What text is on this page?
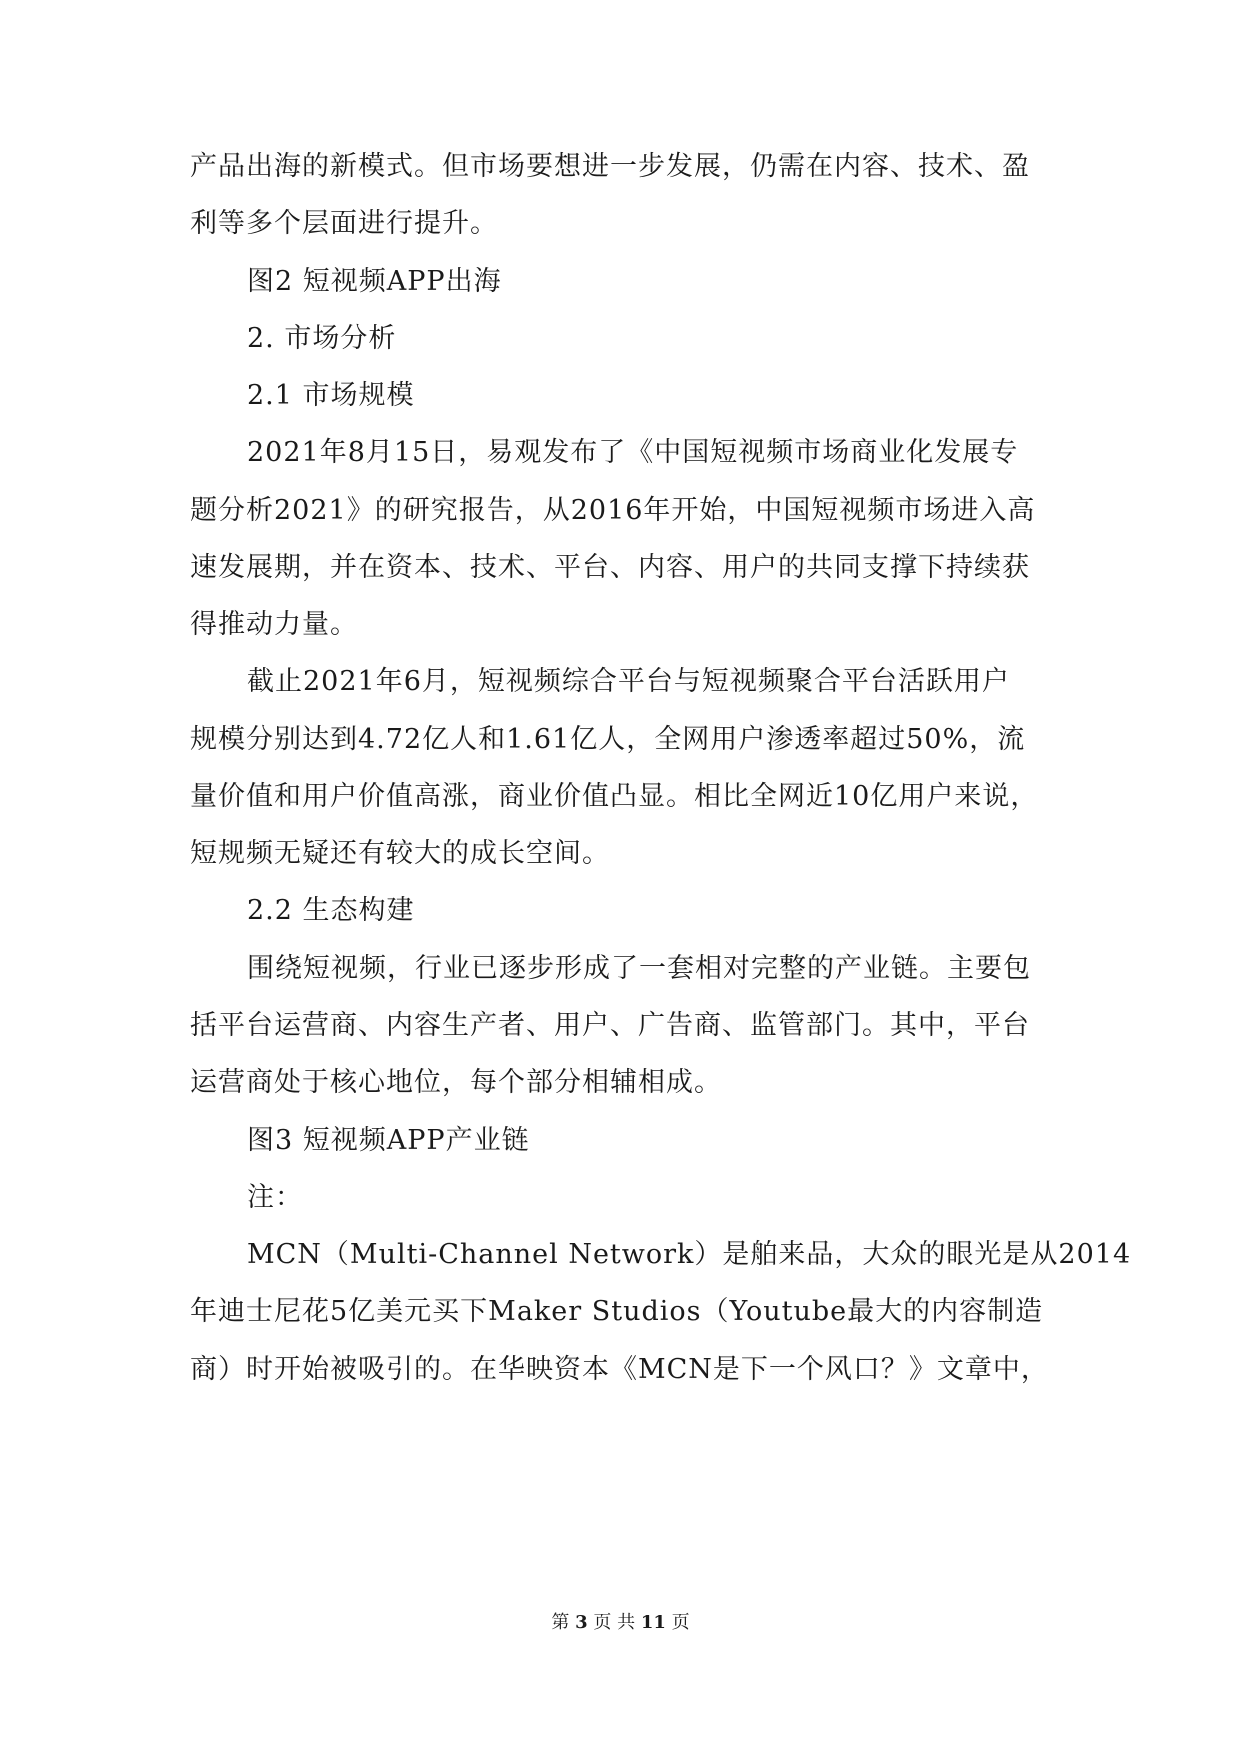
产品出海的新模式。但市场要想进一步发展，仍需在内容、技术、盈
利等多个层面进行提升。
图2 短视频APP出海
2. 市场分析
2.1 市场规模
2021年8月15日，易观发布了《中国短视频市场商业化发展专
题分析2021》的研究报告，从2016年开始，中国短视频市场进入高
速发展期，并在资本、技术、平台、内容、用户的共同支撑下持续获
得推动力量。
截止2021年6月，短视频综合平台与短视频聚合平台活跃用户
规模分别达到4.72亿人和1.61亿人，全网用户渗透率超过50%，流
量价值和用户价值高涨，商业价值凸显。相比全网近10亿用户来说，
短规频无疑还有较大的成长空间。
2.2 生态构建
围绕短视频，行业已逐步形成了一套相对完整的产业链。主要包
括平台运营商、内容生产者、用户、广告商、监管部门。其中，平台
运营商处于核心地位，每个部分相辅相成。
图3 短视频APP产业链
注：
MCN（Multi-Channel Network）是舶来品，大众的眼光是从2014
年迪士尼花5亿美元买下Maker Studios（Youtube最大的内容制造
商）时开始被吸引的。在华映资本《MCN是下一个风口？》文章中，
第 3 页 共 11 页
